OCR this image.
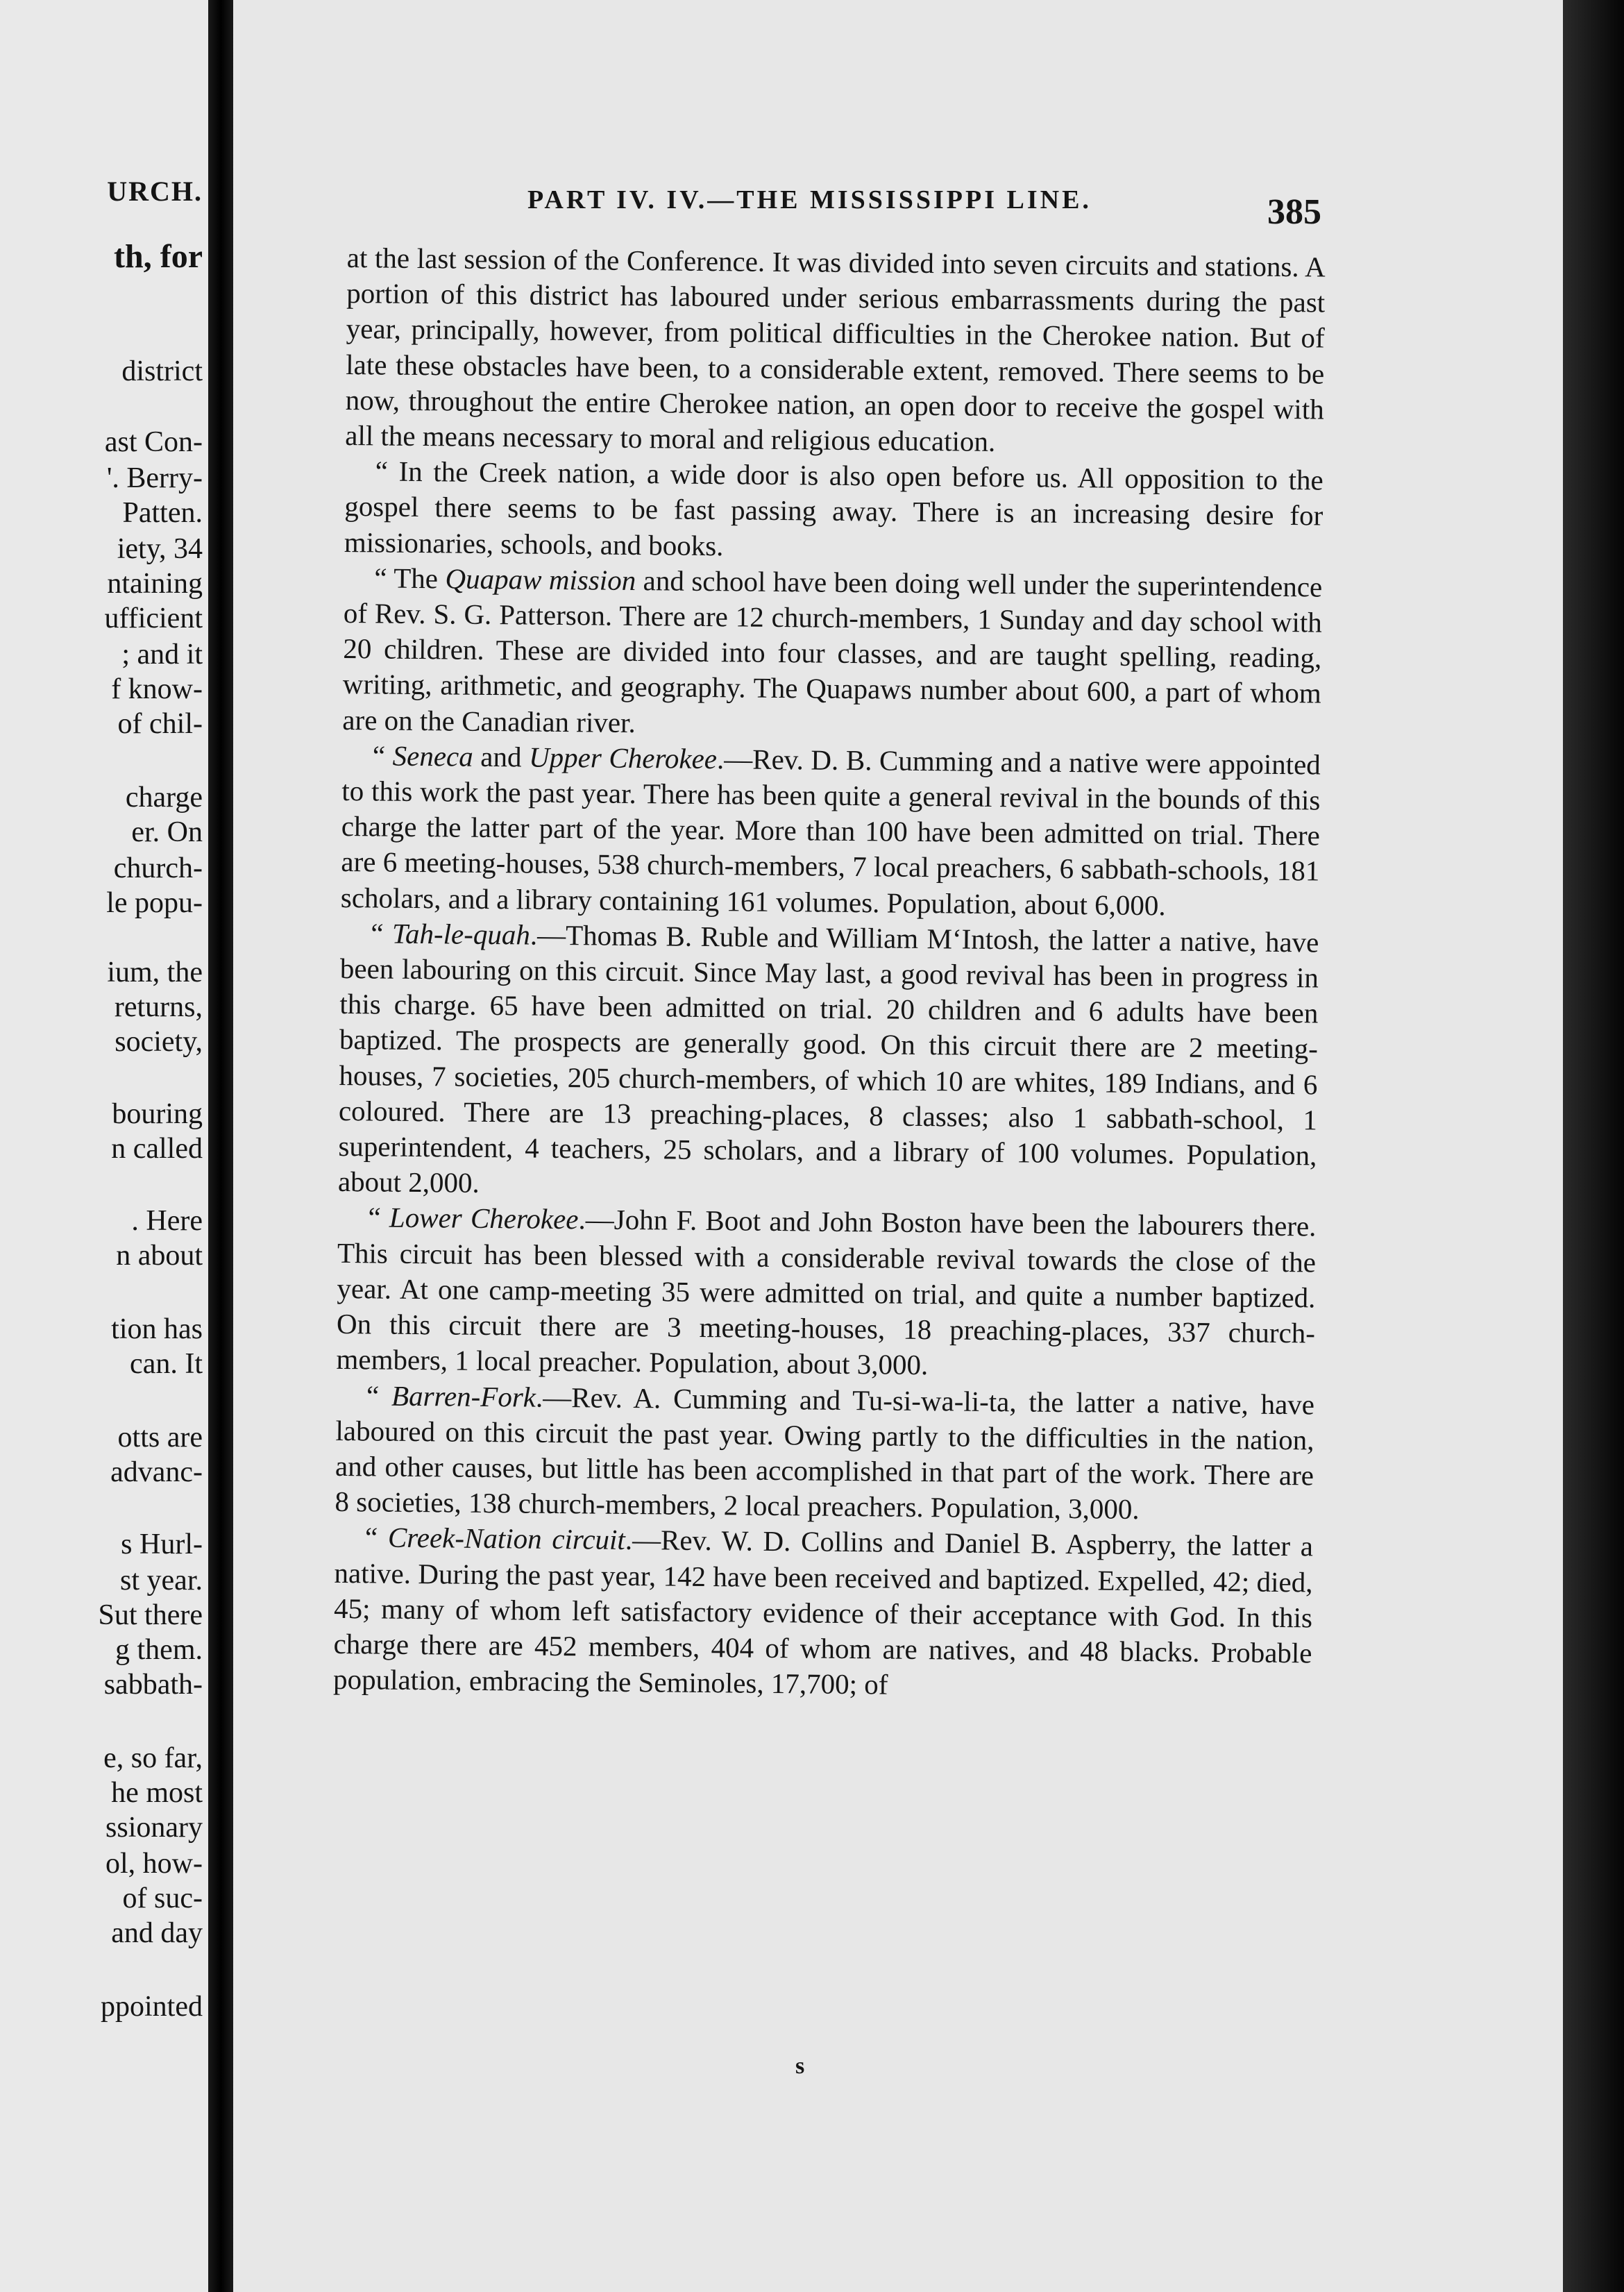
URCH.
th, for
district
ast Con-
'. Berry-
Patten.
iety, 34
ntaining
ufficient
; and it
f know-
of chil-
charge
er. On
church-
le popu-
ium, the
returns,
society,
bouring
n called
. Here
n about
tion has
can. It
otts are
advanc-
s Hurl-
st year.
Sut there
g them.
sabbath-
e, so far,
he most
ssionary
ol, how-
of suc-
and day
ppointed
PART IV. IV.—THE MISSISSIPPI LINE.	385

at the last session of the Conference. It was divided into seven circuits and stations. A portion of this district has laboured under serious embarrassments during the past year, principally, however, from political difficulties in the Cherokee nation. But of late these obstacles have been, to a considerable extent, removed. There seems to be now, throughout the entire Cherokee nation, an open door to receive the gospel with all the means necessary to moral and religious education.

“ In the Creek nation, a wide door is also open before us. All opposition to the gospel there seems to be fast passing away. There is an increasing desire for missionaries, schools, and books.

“ The Quapaw mission and school have been doing well under the superintendence of Rev. S. G. Patterson. There are 12 church-members, 1 Sunday and day school with 20 children. These are divided into four classes, and are taught spelling, reading, writing, arithmetic, and geography. The Quapaws number about 600, a part of whom are on the Canadian river.

“ Seneca and Upper Cherokee.—Rev. D. B. Cumming and a native were appointed to this work the past year. There has been quite a general revival in the bounds of this charge the latter part of the year. More than 100 have been admitted on trial. There are 6 meeting-houses, 538 church-members, 7 local preachers, 6 sabbath-schools, 181 scholars, and a library containing 161 volumes. Population, about 6,000.

“ Tah-le-quah.—Thomas B. Ruble and William M‘Intosh, the latter a native, have been labouring on this circuit. Since May last, a good revival has been in progress in this charge. 65 have been admitted on trial. 20 children and 6 adults have been baptized. The prospects are generally good. On this circuit there are 2 meeting-houses, 7 societies, 205 church-members, of which 10 are whites, 189 Indians, and 6 coloured. There are 13 preaching-places, 8 classes; also 1 sabbath-school, 1 superintendent, 4 teachers, 25 scholars, and a library of 100 volumes. Population, about 2,000.

“ Lower Cherokee.—John F. Boot and John Boston have been the labourers there. This circuit has been blessed with a considerable revival towards the close of the year. At one camp-meeting 35 were admitted on trial, and quite a number baptized. On this circuit there are 3 meeting-houses, 18 preaching-places, 337 church-members, 1 local preacher. Population, about 3,000.

“ Barren-Fork.—Rev. A. Cumming and Tu-si-wa-li-ta, the latter a native, have laboured on this circuit the past year. Owing partly to the difficulties in the nation, and other causes, but little has been accomplished in that part of the work. There are 8 societies, 138 church-members, 2 local preachers. Population, 3,000.

“ Creek-Nation circuit.—Rev. W. D. Collins and Daniel B. Aspberry, the latter a native. During the past year, 142 have been received and baptized. Expelled, 42; died, 45; many of whom left satisfactory evidence of their acceptance with God. In this charge there are 452 members, 404 of whom are natives, and 48 blacks. Probable population, embracing the Seminoles, 17,700; of

s
